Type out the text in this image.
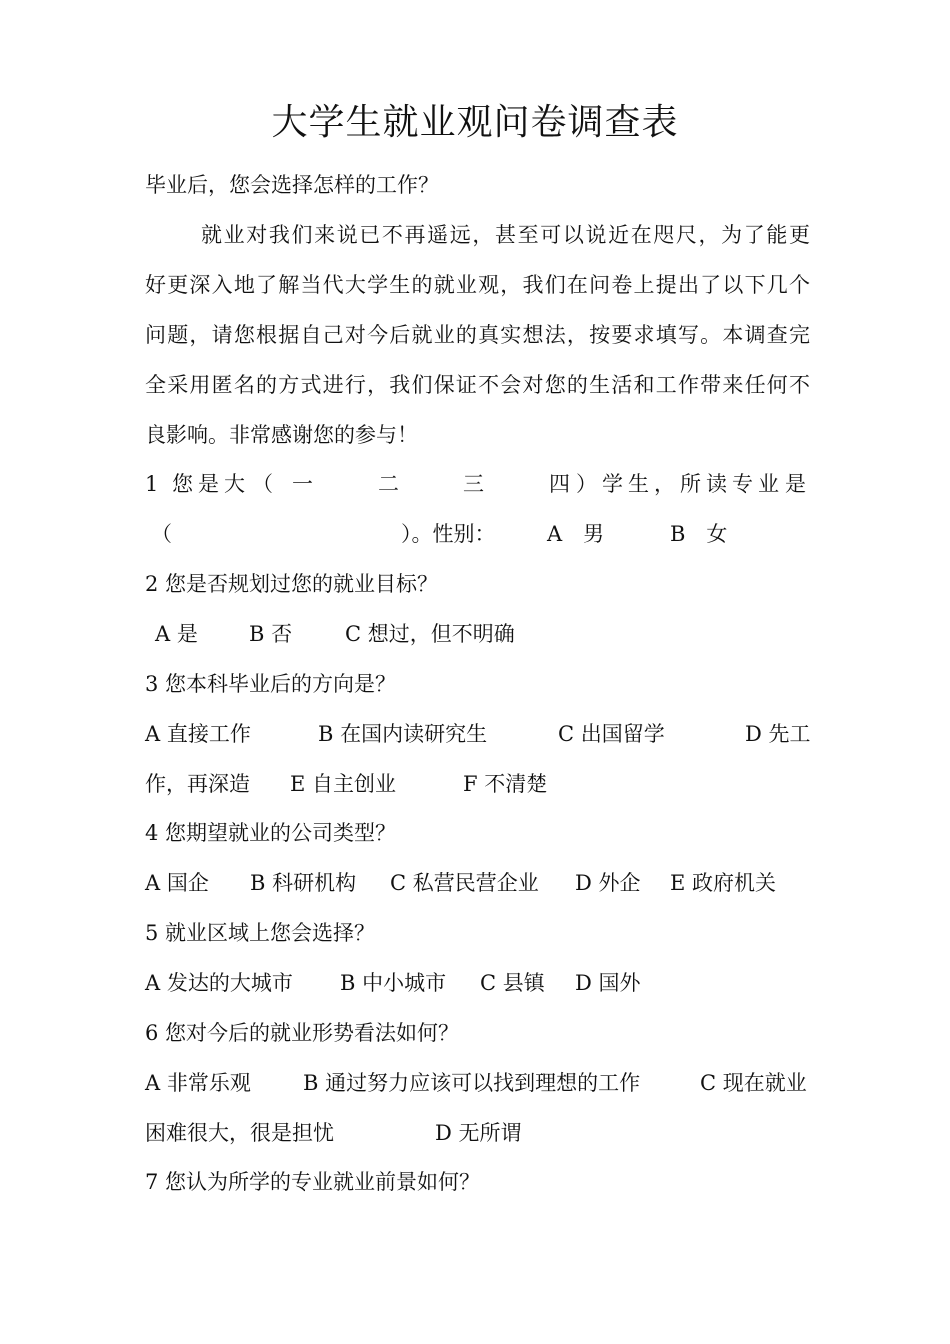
大学生就业观问卷调查表
毕业后，您会选择怎样的工作？
就业对我们来说已不再遥远，甚至可以说近在咫尺，为了能更
好更深入地了解当代大学生的就业观，我们在问卷上提出了以下几个
问题，请您根据自己对今后就业的真实想法，按要求填写。本调查完
全采用匿名的方式进行，我们保证不会对您的生活和工作带来任何不
良影响。非常感谢您的参与！
1 您 是 大 （ 一	二	三	四 ） 学 生 ， 所 读 专 业 是
（	）。性别： A　男	B　女
2 您是否规划过您的就业目标？
A 是 B 否	C 想过，但不明确
3 您本科毕业后的方向是？
A 直接工作	B 在国内读研究生	C 出国留学	D 先工
作，再深造 E 自主创业	F 不清楚
4 您期望就业的公司类型？
A 国企 B 科研机构 C 私营民营企业 D 外企 E 政府机关
5 就业区域上您会选择？
A 发达的大城市 B 中小城市 C 县镇 D 国外
6 您对今后的就业形势看法如何？
A 非常乐观 B 通过努力应该可以找到理想的工作	C 现在就业
困难很大，很是担忧	D 无所谓
7 您认为所学的专业就业前景如何？
